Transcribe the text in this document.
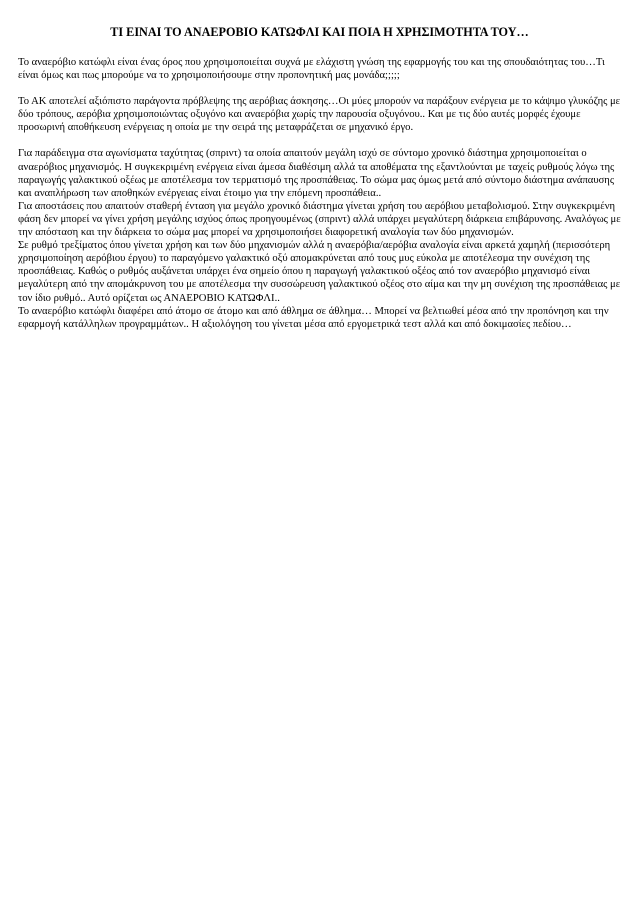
ΤΙ ΕΙΝΑΙ ΤΟ ΑΝΑΕΡΟΒΙΟ ΚΑΤΩΦΛΙ ΚΑΙ ΠΟΙΑ Η ΧΡΗΣΙΜΟΤΗΤΑ ΤΟΥ…

Το αναερόβιο κατώφλι είναι ένας όρος που χρησιμοποιείται συχνά με ελάχιστη γνώση της εφαρμογής του και της σπουδαιότητας του…Τι είναι όμως και πως μπορούμε να το χρησιμοποιήσουμε στην προπονητική μας μονάδα;;;;;

Το ΑΚ αποτελεί αξιόπιστο παράγοντα πρόβλεψης της αερόβιας άσκησης…Οι μύες μπορούν να παράξουν ενέργεια με το κάψιμο γλυκόζης με δύο τρόπους, αερόβια χρησιμοποιώντας οξυγόνο και αναερόβια χωρίς την παρουσία οξυγόνου.. Και με τις δύο αυτές μορφές έχουμε προσωρινή αποθήκευση ενέργειας η οποία με την σειρά της μεταφράζεται σε μηχανικό έργο.

Για παράδειγμα στα αγωνίσματα ταχύτητας (σπριντ) τα οποία απαιτούν μεγάλη ισχύ σε σύντομο χρονικό διάστημα χρησιμοποιείται ο αναερόβιος μηχανισμός. Η συγκεκριμένη ενέργεια είναι άμεσα διαθέσιμη αλλά τα αποθέματα της εξαντλούνται με ταχείς ρυθμούς λόγω της παραγωγής γαλακτικού οξέως με αποτέλεσμα τον τερματισμό της προσπάθειας. Το σώμα μας όμως μετά από σύντομο διάστημα ανάπαυσης και αναπλήρωση των αποθηκών ενέργειας είναι έτοιμο για την επόμενη προσπάθεια..

Για αποστάσεις που απαιτούν σταθερή ένταση για μεγάλο χρονικό διάστημα γίνεται χρήση του αερόβιου μεταβολισμού. Στην συγκεκριμένη φάση δεν μπορεί να γίνει χρήση μεγάλης ισχύος όπως προηγουμένως (σπριντ) αλλά υπάρχει μεγαλύτερη διάρκεια επιβάρυνσης. Αναλόγως με την απόσταση και την διάρκεια το σώμα μας μπορεί να χρησιμοποιήσει διαφορετική αναλογία των δύο μηχανισμών.

Σε ρυθμό τρεξίματος όπου γίνεται χρήση και των δύο μηχανισμών αλλά η αναερόβια/αερόβια αναλογία είναι αρκετά χαμηλή (περισσότερη χρησιμοποίηση αερόβιου έργου) το παραγόμενο γαλακτικό οξύ απομακρύνεται από τους μυς εύκολα με αποτέλεσμα την συνέχιση της προσπάθειας. Καθώς ο ρυθμός αυξάνεται υπάρχει ένα σημείο όπου η παραγωγή γαλακτικού οξέος από τον αναερόβιο μηχανισμό είναι μεγαλύτερη από την απομάκρυνση του με αποτέλεσμα την συσσώρευση γαλακτικού οξέος στο αίμα και την μη συνέχιση της προσπάθειας με τον ίδιο ρυθμό.. Αυτό ορίζεται ως ΑΝΑΕΡΟΒΙΟ ΚΑΤΩΦΛΙ..

Το αναερόβιο κατώφλι διαφέρει από άτομο σε άτομο και από άθλημα σε άθλημα… Μπορεί να βελτιωθεί μέσα από την προπόνηση και την εφαρμογή κατάλληλων προγραμμάτων.. Η αξιολόγηση του γίνεται μέσα από εργομετρικά τεστ αλλά και από δοκιμασίες πεδίου…
